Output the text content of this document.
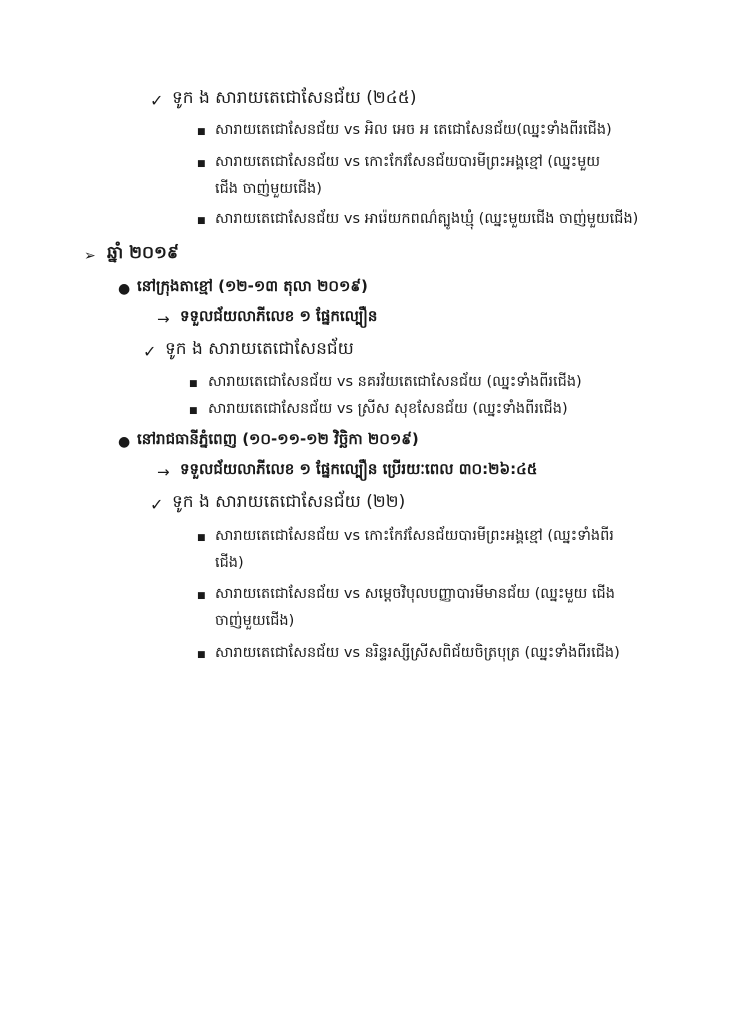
✓ ទូក ង សារាយតេជោសែនជ័យ (២៤៥)
■ សារាយតេជោសែនជ័យ vs អិល អេច អ តេជោសែនជ័យ(ឈ្នះទាំងពីរជើង)
■ សារាយតេជោសែនជ័យ vs កោះកែវសែនជ័យបារមីព្រះអង្គខ្មៅ (ឈ្នះមួយ
ជើង ចាញ់មួយជើង)
■ សារាយតេជោសែនជ័យ vs អារ៉េយកពណ៌ត្បូងឃ្មុំ (ឈ្នះមួយជើង ចាញ់មួយជើង)
➢ ឆ្នាំ ២០១៩
● នៅក្រុងតាខ្មៅ (១២-១៣ តុលា ២០១៩)
→ ទទួលជ័យលាភីលេខ ១ ផ្នែកល្បឿន
✓ ទូក ង សារាយតេជោសែនជ័យ
■ សារាយតេជោសែនជ័យ vs នគរវ័យតេជោសែនជ័យ (ឈ្នះទាំងពីរជើង)
■ សារាយតេជោសែនជ័យ vs ស្រីស សុខសែនជ័យ (ឈ្នះទាំងពីរជើង)
● នៅរាជធានីភ្នំពេញ (១០-១១-១២ វិច្ឆិកា ២០១៩)
→ ទទួលជ័យលាភីលេខ ១ ផ្នែកល្បឿន ប្រើរយៈពេល ៣០:២៦:៤៥
✓ ទូក ង សារាយតេជោសែនជ័យ (២២)
■ សារាយតេជោសែនជ័យ vs កោះកែវសែនជ័យបារមីព្រះអង្គខ្មៅ (ឈ្នះទាំងពីរ
ជើង)
■ សារាយតេជោសែនជ័យ vs សម្តេចវិបុលបញ្ញាបារមីមានជ័យ (ឈ្នះមួយ ជើង
ចាញ់មួយជើង)
■ សារាយតេជោសែនជ័យ vs នរិន្ទរស្សីស្រីសពិជ័យចិត្របុត្រ (ឈ្នះទាំងពីរជើង)
